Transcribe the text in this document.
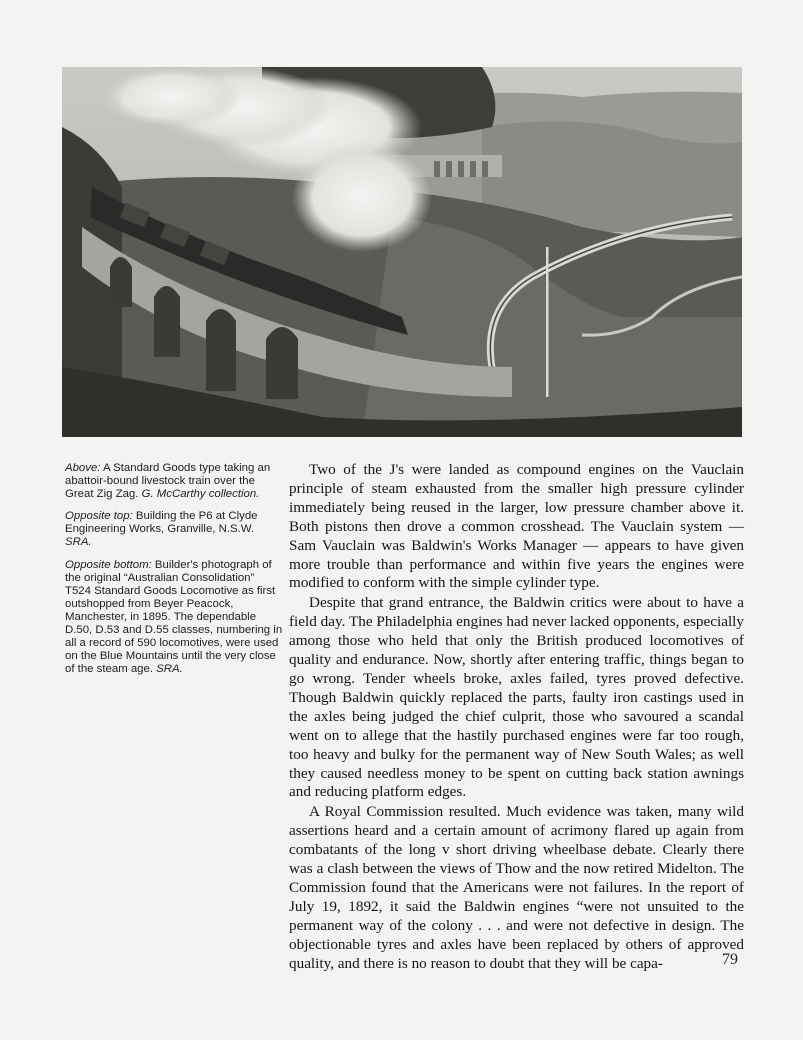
Above: A Standard Goods type taking an abattoir-bound livestock train over the Great Zig Zag. G. McCarthy collection.

Opposite top: Building the P6 at Clyde Engineering Works, Granville, N.S.W. SRA.

Opposite bottom: Builder's photograph of the original “Australian Consolidation” T524 Standard Goods Locomotive as first outshopped from Beyer Peacock, Manchester, in 1895. The dependable D.50, D.53 and D.55 classes, numbering in all a record of 590 locomotives, were used on the Blue Mountains until the very close of the steam age. SRA.

Two of the J's were landed as compound engines on the Vauclain principle of steam exhausted from the smaller high pressure cylinder immediately being reused in the larger, low pressure chamber above it. Both pistons then drove a common crosshead. The Vauclain system — Sam Vauclain was Baldwin's Works Manager — appears to have given more trouble than performance and within five years the engines were modified to conform with the simple cylinder type.

Despite that grand entrance, the Baldwin critics were about to have a field day. The Philadelphia engines had never lacked opponents, especially among those who held that only the British produced locomotives of quality and endurance. Now, shortly after entering traffic, things began to go wrong. Tender wheels broke, axles failed, tyres proved defective. Though Baldwin quickly replaced the parts, faulty iron castings used in the axles being judged the chief culprit, those who savoured a scandal went on to allege that the hastily purchased engines were far too rough, too heavy and bulky for the permanent way of New South Wales; as well they caused needless money to be spent on cutting back station awnings and reducing platform edges.

A Royal Commission resulted. Much evidence was taken, many wild assertions heard and a certain amount of acrimony flared up again from combatants of the long v short driving wheelbase debate. Clearly there was a clash between the views of Thow and the now retired Midelton. The Commission found that the Americans were not failures. In the report of July 19, 1892, it said the Baldwin engines “were not unsuited to the permanent way of the colony . . . and were not defective in design. The objectionable tyres and axles have been replaced by others of approved quality, and there is no reason to doubt that they will be capa-	79
